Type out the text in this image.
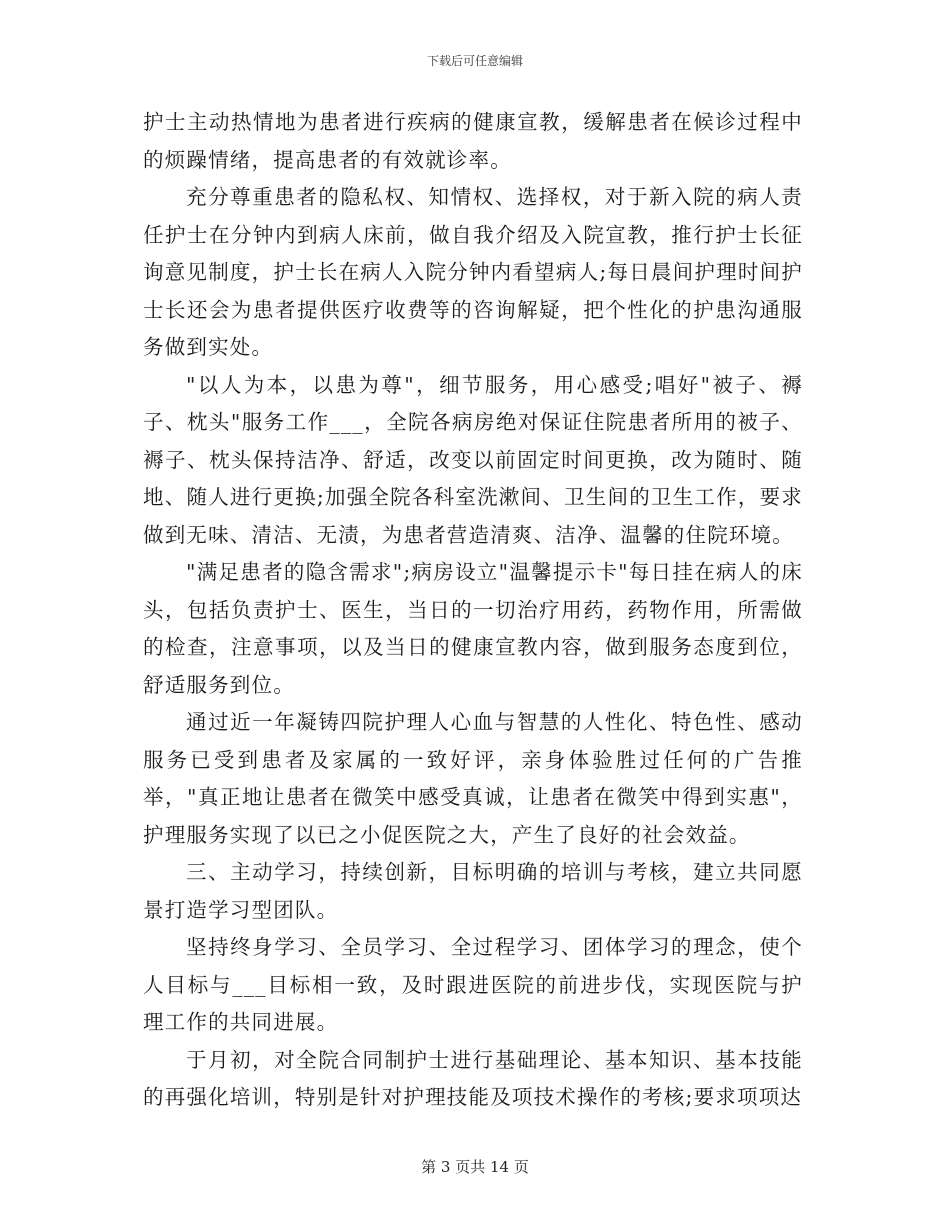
下载后可任意编辑

护士主动热情地为患者进行疾病的健康宣教，缓解患者在候诊过程中的烦躁情绪，提高患者的有效就诊率。

充分尊重患者的隐私权、知情权、选择权，对于新入院的病人责任护士在分钟内到病人床前，做自我介绍及入院宣教，推行护士长征询意见制度，护士长在病人入院分钟内看望病人;每日晨间护理时间护士长还会为患者提供医疗收费等的咨询解疑，把个性化的护患沟通服务做到实处。

"以人为本，以患为尊"，细节服务，用心感受;唱好"被子、褥子、枕头"服务工作___，全院各病房绝对保证住院患者所用的被子、褥子、枕头保持洁净、舒适，改变以前固定时间更换，改为随时、随地、随人进行更换;加强全院各科室洗漱间、卫生间的卫生工作，要求做到无味、清洁、无渍，为患者营造清爽、洁净、温馨的住院环境。

"满足患者的隐含需求";病房设立"温馨提示卡"每日挂在病人的床头，包括负责护士、医生，当日的一切治疗用药，药物作用，所需做的检查，注意事项，以及当日的健康宣教内容，做到服务态度到位，舒适服务到位。

通过近一年凝铸四院护理人心血与智慧的人性化、特色性、感动服务已受到患者及家属的一致好评，亲身体验胜过任何的广告推举，"真正地让患者在微笑中感受真诚，让患者在微笑中得到实惠"，护理服务实现了以已之小促医院之大，产生了良好的社会效益。

三、主动学习，持续创新，目标明确的培训与考核，建立共同愿景打造学习型团队。

坚持终身学习、全员学习、全过程学习、团体学习的理念，使个人目标与___目标相一致，及时跟进医院的前进步伐，实现医院与护理工作的共同进展。

于月初，对全院合同制护士进行基础理论、基本知识、基本技能的再强化培训，特别是针对护理技能及项技术操作的考核;要求项项达

第 3 页共 14 页
